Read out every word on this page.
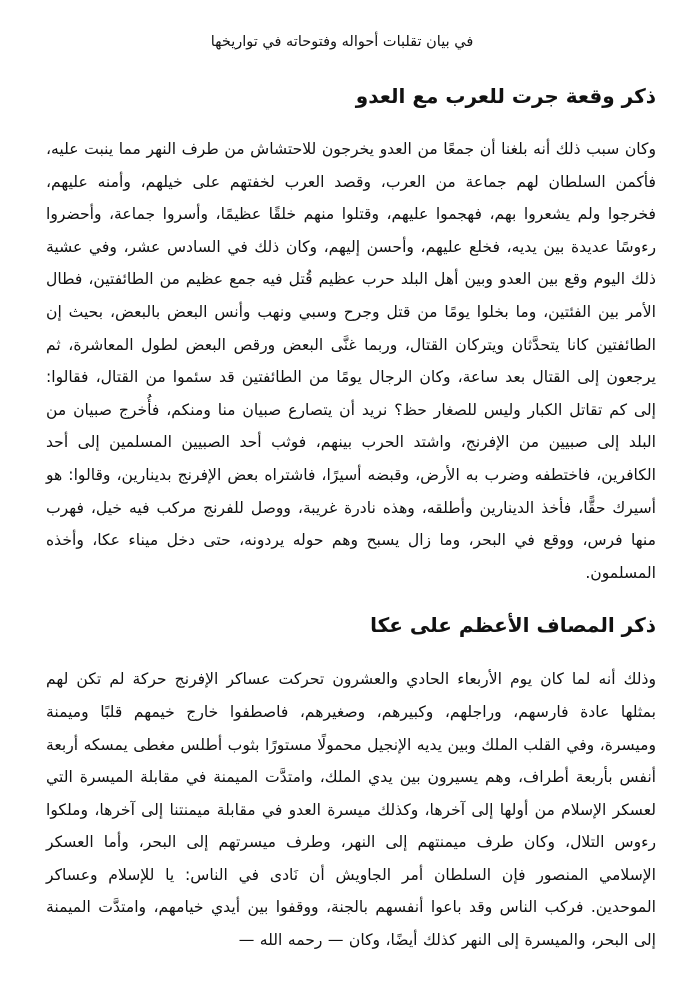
في بيان تقلبات أحواله وفتوحاته في تواريخها
ذكر وقعة جرت للعرب مع العدو

وكان سبب ذلك أنه بلغنا أن جمعًا من العدو يخرجون للاحتشاش من طرف النهر مما ينبت عليه، فأكمن السلطان لهم جماعة من العرب، وقصد العرب لخفتهم على خيلهم، وأمنه عليهم، فخرجوا ولم يشعروا بهم، فهجموا عليهم، وقتلوا منهم خلقًا عظيمًا، وأسروا جماعة، وأحضروا رءوسًا عديدة بين يديه، فخلع عليهم، وأحسن إليهم، وكان ذلك في السادس عشر، وفي عشية ذلك اليوم وقع بين العدو وبين أهل البلد حرب عظيم قُتل فيه جمع عظيم من الطائفتين، فطال الأمر بين الفئتين، وما بخلوا يومًا من قتل وجرح وسبي ونهب وأنس البعض بالبعض، بحيث إن الطائفتين كانا يتحدَّثان ويتركان القتال، وربما غنَّى البعض ورقص البعض لطول المعاشرة، ثم يرجعون إلى القتال بعد ساعة، وكان الرجال يومًا من الطائفتين قد سئموا من القتال، فقالوا: إلى كم تقاتل الكبار وليس للصغار حظ؟ نريد أن يتصارع صبيان منا ومنكم، فأُخرج صبيان من البلد إلى صبيين من الإفرنج، واشتد الحرب بينهم، فوثب أحد الصبيين المسلمين إلى أحد الكافرين، فاختطفه وضرب به الأرض، وقبضه أسيرًا، فاشتراه بعض الإفرنج بدينارين، وقالوا: هو أسيرك حقًّا، فأخذ الدينارين وأطلقه، وهذه نادرة غريبة، ووصل للفرنج مركب فيه خيل، فهرب منها فرس، ووقع في البحر، وما زال يسبح وهم حوله يردونه، حتى دخل ميناء عكا، وأخذه المسلمون.

ذكر المصاف الأعظم على عكا

وذلك أنه لما كان يوم الأربعاء الحادي والعشرون تحركت عساكر الإفرنج حركة لم تكن لهم بمثلها عادة فارسهم، وراجلهم، وكبيرهم، وصغيرهم، فاصطفوا خارج خيمهم قلبًا وميمنة وميسرة، وفي القلب الملك وبين يديه الإنجيل محمولًا مستورًا بثوب أطلس مغطى يمسكه أربعة أنفس بأربعة أطراف، وهم يسيرون بين يدي الملك، وامتدَّت الميمنة في مقابلة الميسرة التي لعسكر الإسلام من أولها إلى آخرها، وكذلك ميسرة العدو في مقابلة ميمنتنا إلى آخرها، وملكوا رءوس التلال، وكان طرف ميمنتهم إلى النهر، وطرف ميسرتهم إلى البحر، وأما العسكر الإسلامي المنصور فإن السلطان أمر الجاويش أن نَادى في الناس: يا للإسلام وعساكر الموحدين. فركب الناس وقد باعوا أنفسهم بالجنة، ووقفوا بين أيدي خيامهم، وامتدَّت الميمنة إلى البحر، والميسرة إلى النهر كذلك أيضًا، وكان — رحمه الله —
